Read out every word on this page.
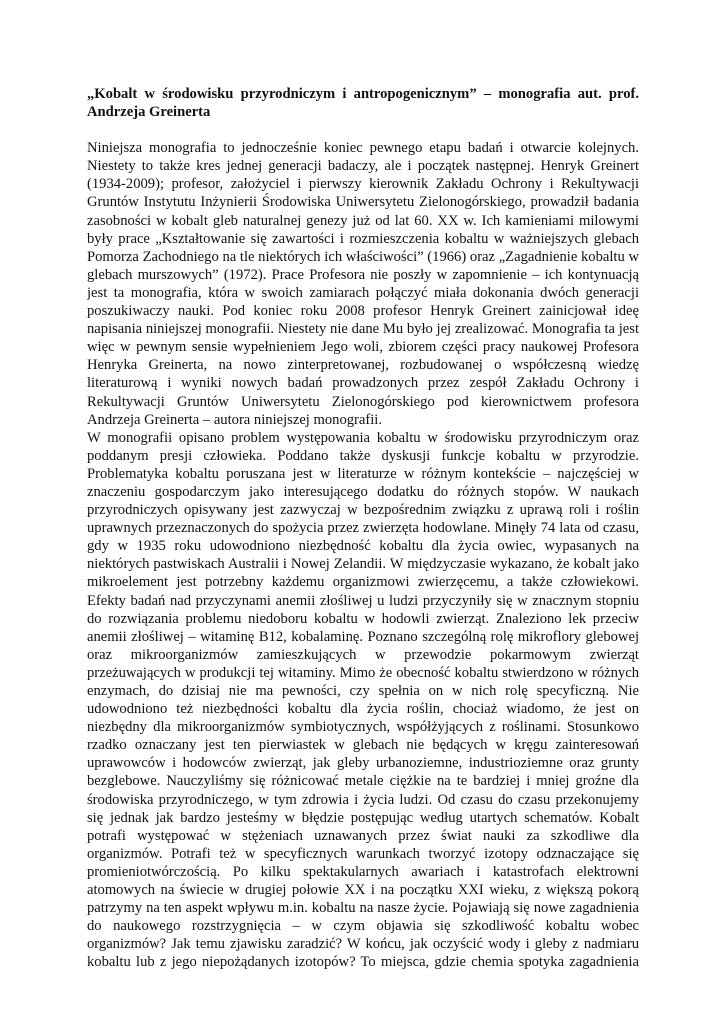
„Kobalt w środowisku przyrodniczym i antropogenicznym” – monografia aut. prof.
Andrzeja Greinerta
Niniejsza monografia to jednocześnie koniec pewnego etapu badań i otwarcie kolejnych.
Niestety to także kres jednej generacji badaczy, ale i początek następnej. Henryk Greinert
(1934-2009); profesor, założyciel i pierwszy kierownik Zakładu Ochrony i Rekultywacji
Gruntów Instytutu Inżynierii Środowiska Uniwersytetu Zielonogórskiego, prowadził badania
zasobności w kobalt gleb naturalnej genezy już od lat 60. XX w. Ich kamieniami milowymi
były prace „Kształtowanie się zawartości i rozmieszczenia kobaltu w ważniejszych glebach
Pomorza Zachodniego na tle niektórych ich właściwości” (1966) oraz „Zagadnienie kobaltu w
glebach murszowych” (1972). Prace Profesora nie poszły w zapomnienie – ich kontynuacją
jest ta monografia, która w swoich zamiarach połączyć miała dokonania dwóch generacji
poszukiwaczy nauki. Pod koniec roku 2008 profesor Henryk Greinert zainicjował ideę
napisania niniejszej monografii. Niestety nie dane Mu było jej zrealizować. Monografia ta jest
więc w pewnym sensie wypełnieniem Jego woli, zbiorem części pracy naukowej Profesora
Henryka Greinerta, na nowo zinterpretowanej, rozbudowanej o współczesną wiedzę
literaturową i wyniki nowych badań prowadzonych przez zespół Zakładu Ochrony i
Rekultywacji Gruntów Uniwersytetu Zielonogórskiego pod kierownictwem profesora
Andrzeja Greinerta – autora niniejszej monografii.
W monografii opisano problem występowania kobaltu w środowisku przyrodniczym oraz
poddanym presji człowieka. Poddano także dyskusji funkcje kobaltu w przyrodzie.
Problematyka kobaltu poruszana jest w literaturze w różnym kontekście – najczęściej w
znaczeniu gospodarczym jako interesującego dodatku do różnych stopów. W naukach
przyrodniczych opisywany jest zazwyczaj w bezpośrednim związku z uprawą roli i roślin
uprawnych przeznaczonych do spożycia przez zwierzęta hodowlane. Minęły 74 lata od czasu,
gdy w 1935 roku udowodniono niezbędność kobaltu dla życia owiec, wypasanych na
niektórych pastwiskach Australii i Nowej Zelandii. W międzyczasie wykazano, że kobalt jako
mikroelement jest potrzebny każdemu organizmowi zwierzęcemu, a także człowiekowi.
Efekty badań nad przyczynami anemii złośliwej u ludzi przyczyniły się w znacznym stopniu
do rozwiązania problemu niedoboru kobaltu w hodowli zwierząt. Znaleziono lek przeciw
anemii złośliwej – witaminę B12, kobalaminę. Poznano szczególną rolę mikroflory glebowej
oraz mikroorganizmów zamieszkujących w przewodzie pokarmowym zwierząt
przeżuwających w produkcji tej witaminy. Mimo że obecność kobaltu stwierdzono w różnych
enzymach, do dzisiaj nie ma pewności, czy spełnia on w nich rolę specyficzną. Nie
udowodniono też niezbędności kobaltu dla życia roślin, chociaż wiadomo, że jest on
niezbędny dla mikroorganizmów symbiotycznych, współżyjących z roślinami. Stosunkowo
rzadko oznaczany jest ten pierwiastek w glebach nie będących w kręgu zainteresowań
uprawowców i hodowców zwierząt, jak gleby urbanoziemne, industrioziemne oraz grunty
bezglebowe. Nauczyliśmy się różnicować metale ciężkie na te bardziej i mniej groźne dla
środowiska przyrodniczego, w tym zdrowia i życia ludzi. Od czasu do czasu przekonujemy
się jednak jak bardzo jesteśmy w błędzie postępując według utartych schematów. Kobalt
potrafi występować w stężeniach uznawanych przez świat nauki za szkodliwe dla
organizmów. Potrafi też w specyficznych warunkach tworzyć izotopy odznaczające się
promieniotwórczością. Po kilku spektakularnych awariach i katastrofach elektrowni
atomowych na świecie w drugiej połowie XX i na początku XXI wieku, z większą pokorą
patrzymy na ten aspekt wpływu m.in. kobaltu na nasze życie. Pojawiają się nowe zagadnienia
do naukowego rozstrzygnięcia – w czym objawia się szkodliwość kobaltu wobec
organizmów? Jak temu zjawisku zaradzić? W końcu, jak oczyścić wody i gleby z nadmiaru
kobaltu lub z jego niepożądanych izotopów? To miejsca, gdzie chemia spotyka zagadnienia
